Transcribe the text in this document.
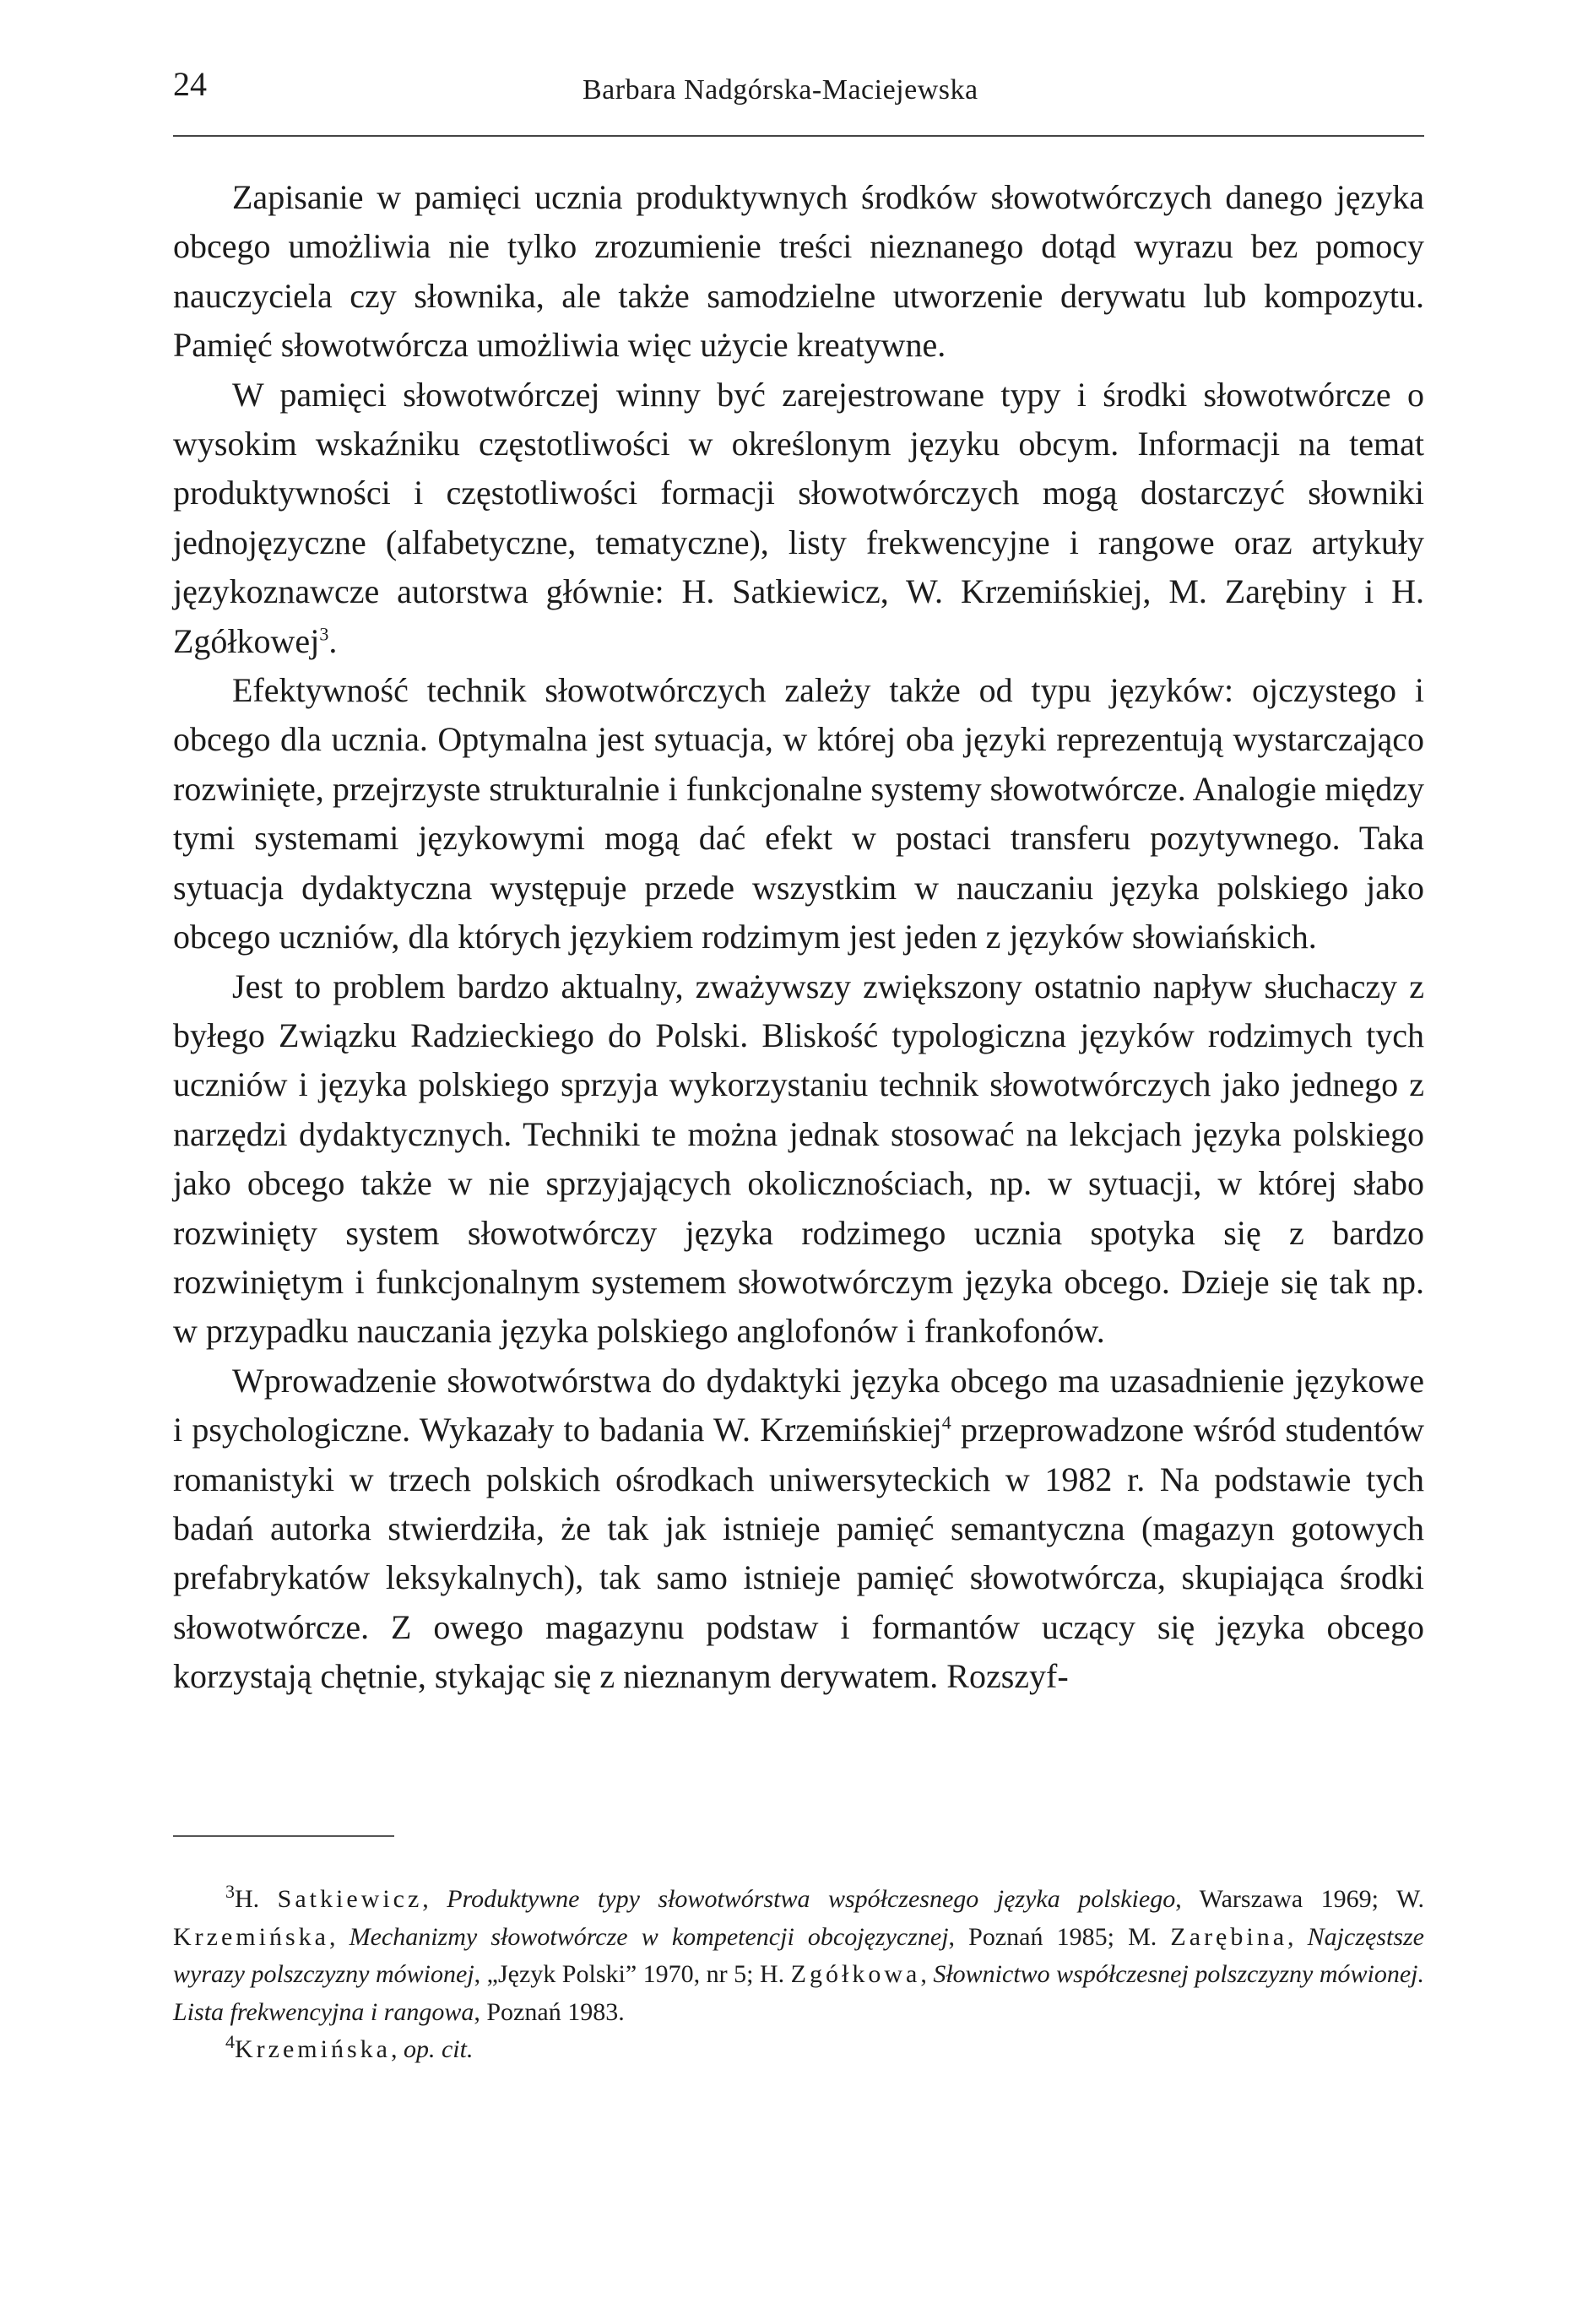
24	Barbara Nadgórska-Maciejewska

Zapisanie w pamięci ucznia produktywnych środków słowotwórczych danego języka obcego umożliwia nie tylko zrozumienie treści nieznanego dotąd wyrazu bez pomocy nauczyciela czy słownika, ale także samodzielne utworzenie derywatu lub kompozytu. Pamięć słowotwórcza umożliwia więc użycie kreatywne.

W pamięci słowotwórczej winny być zarejestrowane typy i środki słowotwórcze o wysokim wskaźniku częstotliwości w określonym języku obcym. Informacji na temat produktywności i częstotliwości formacji słowotwórczych mogą dostarczyć słowniki jednojęzyczne (alfabetyczne, tematyczne), listy frekwencyjne i rangowe oraz artykuły językoznawcze autorstwa głównie: H. Satkiewicz, W. Krzemińskiej, M. Zarębiny i H. Zgółkowej$^3$.

Efektywność technik słowotwórczych zależy także od typu języków: ojczystego i obcego dla ucznia. Optymalna jest sytuacja, w której oba języki reprezentują wystarczająco rozwinięte, przejrzyste strukturalnie i funkcjonalne systemy słowotwórcze. Analogie między tymi systemami językowymi mogą dać efekt w postaci transferu pozytywnego. Taka sytuacja dydaktyczna występuje przede wszystkim w nauczaniu języka polskiego jako obcego uczniów, dla których językiem rodzimym jest jeden z języków słowiańskich.

Jest to problem bardzo aktualny, zważywszy zwiększony ostatnio napływ słuchaczy z byłego Związku Radzieckiego do Polski. Bliskość typologiczna języków rodzimych tych uczniów i języka polskiego sprzyja wykorzystaniu technik słowotwórczych jako jednego z narzędzi dydaktycznych. Techniki te można jednak stosować na lekcjach języka polskiego jako obcego także w nie sprzyjających okolicznościach, np. w sytuacji, w której słabo rozwinięty system słowotwórczy języka rodzimego ucznia spotyka się z bardzo rozwiniętym i funkcjonalnym systemem słowotwórczym języka obcego. Dzieje się tak np. w przypadku nauczania języka polskiego anglofonów i frankofonów.

Wprowadzenie słowotwórstwa do dydaktyki języka obcego ma uzasadnienie językowe i psychologiczne. Wykazały to badania W. Krzemińskiej$^4$ przeprowadzone wśród studentów romanistyki w trzech polskich ośrodkach uniwersyteckich w 1982 r. Na podstawie tych badań autorka stwierdziła, że tak jak istnieje pamięć semantyczna (magazyn gotowych prefabrykatów leksykalnych), tak samo istnieje pamięć słowotwórcza, skupiająca środki słowotwórcze. Z owego magazynu podstaw i formantów uczący się języka obcego korzystają chętnie, stykając się z nieznanym derywatem. Rozszyf-

$^3$H. Satkiewicz, Produktywne typy słowotwórstwa współczesnego języka polskiego, Warszawa 1969; W. Krzemińska, Mechanizmy słowotwórcze w kompetencji obcojęzycznej, Poznań 1985; M. Zarębina, Najczęstsze wyrazy polszczyzny mówionej, „Język Polski” 1970, nr 5; H. Zgółkowa, Słownictwo współczesnej polszczyzny mówionej. Lista frekwencyjna i rangowa, Poznań 1983.

$^4$Krzemińska, op. cit.
